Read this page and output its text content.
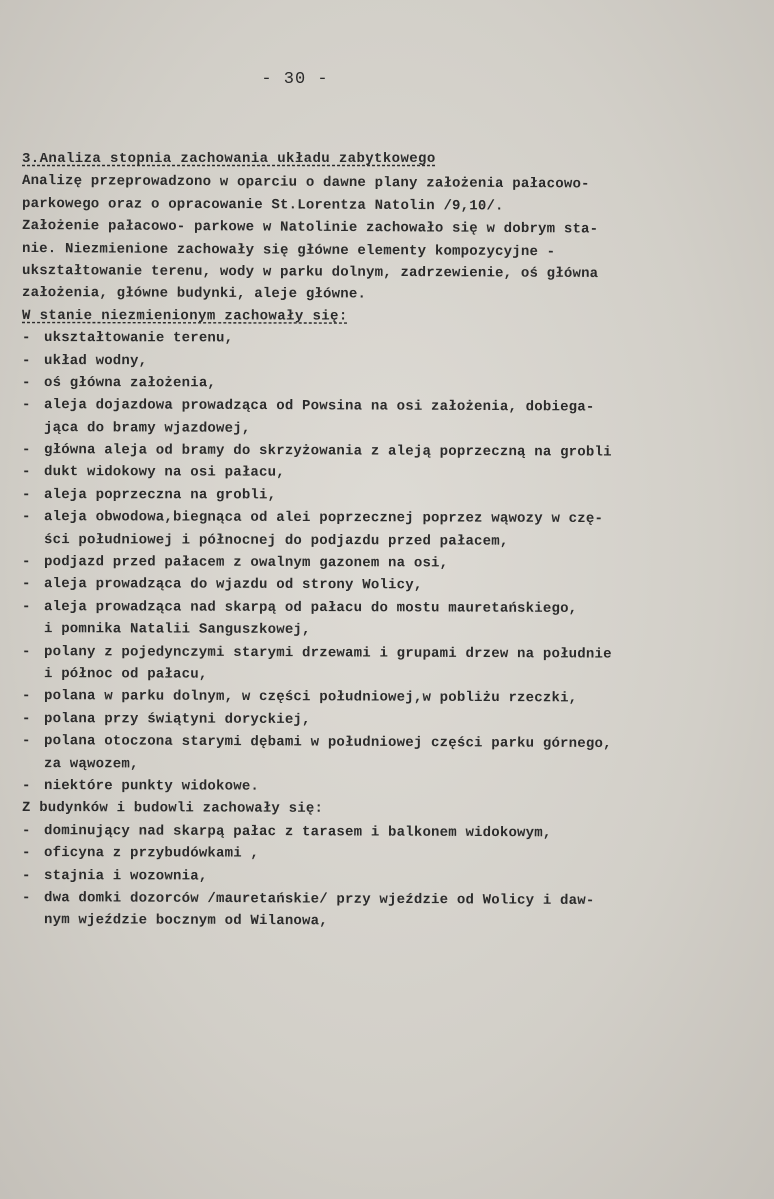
- 30 -
3.Analiza stopnia zachowania układu zabytkowego
Analizę przeprowadzono w oparciu o dawne plany założenia pałacowo-
parkowego oraz o opracowanie St.Lorentza Natolin /9,10/.
Założenie pałacowo- parkowe w Natolinie zachowało się w dobrym sta-
nie. Niezmienione zachowały się główne elementy kompozycyjne -
ukształtowanie terenu, wody w parku dolnym, zadrzewienie, oś główna
założenia, główne budynki, aleje główne.
W stanie niezmienionym zachowały się:
- ukształtowanie terenu,
- układ wodny,
- oś główna założenia,
- aleja dojazdowa prowadząca od Powsina na osi założenia, dobiega-
jąca do bramy wjazdowej,
- główna aleja od bramy do skrzyżowania z aleją poprzeczną na grobli
- dukt widokowy na osi pałacu,
- aleja poprzeczna na grobli,
- aleja obwodowa,biegnąca od alei poprzecznej poprzez wąwozy w czę-
ści południowej i północnej do podjazdu przed pałacem,
- podjazd przed pałacem z owalnym gazonem na osi,
- aleja prowadząca do wjazdu od strony Wolicy,
- aleja prowadząca nad skarpą od pałacu do mostu mauretańskiego,
i pomnika Natalii Sanguszkowej,
- polany z pojedynczymi starymi drzewami i grupami drzew na południe
i północ od pałacu,
- polana w parku dolnym, w części południowej,w pobliżu rzeczki,
- polana przy świątyni doryckiej,
- polana otoczona starymi dębami w południowej części parku górnego,
za wąwozem,
- niektóre punkty widokowe.
Z budynków i budowli zachowały się:
- dominujący nad skarpą pałac z tarasem i balkonem widokowym,
- oficyna z przybudówkami ,
- stajnia i wozownia,
- dwa domki dozorców /mauretańskie/ przy wjeździe od Wolicy i daw-
nym wjeździe bocznym od Wilanowa,
